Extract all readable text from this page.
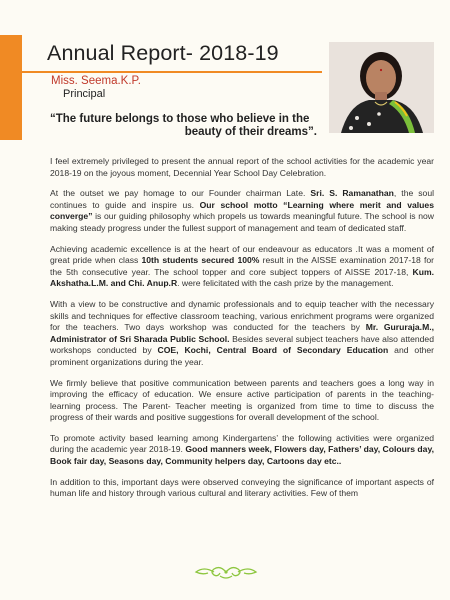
Annual Report- 2018-19
Miss. Seema.K.P.
Principal
“The future belongs to those who believe in the
beauty of their dreams”.

I feel extremely privileged to present the annual report of the school activities for the academic year 2018-19 on the joyous moment, Decennial Year School Day Celebration.

At the outset we pay homage to our Founder chairman Late. Sri. S. Ramanathan, the soul continues to guide and inspire us. Our school motto “Learning where merit and values converge” is our guiding philosophy which propels us towards meaningful future. The school is now making steady progress under the fullest support of management and team of dedicated staff.

Achieving academic excellence is at the heart of our endeavour as educators .It was a moment of great pride when class 10th students secured 100% result in the AISSE examination 2017-18 for the 5th consecutive year. The school topper and core subject toppers of AISSE 2017-18, Kum. Akshatha.L.M. and Chi. Anup.R. were felicitated with the cash prize by the management.

With a view to be constructive and dynamic professionals and to equip teacher with the necessary skills and techniques for effective classroom teaching, various enrichment programs were organized for the teachers. Two days workshop was conducted for the teachers by Mr. Gururaja.M., Administrator of Sri Sharada Public School. Besides several subject teachers have also attended workshops conducted by COE, Kochi, Central Board of Secondary Education and other prominent organizations during the year.

We firmly believe that positive communication between parents and teachers goes a long way in improving the efficacy of education. We ensure active participation of parents in the teaching-learning process. The Parent- Teacher meeting is organized from time to time to discuss the progress of their wards and positive suggestions for overall development of the school.

To promote activity based learning among Kindergartens’ the following activities were organized during the academic year 2018-19. Good manners week, Flowers day, Fathers’ day, Colours day, Book fair day, Seasons day, Community helpers day, Cartoons day etc..

In addition to this, important days were observed conveying the significance of important aspects of human life and history through various cultural and literary activities. Few of them
